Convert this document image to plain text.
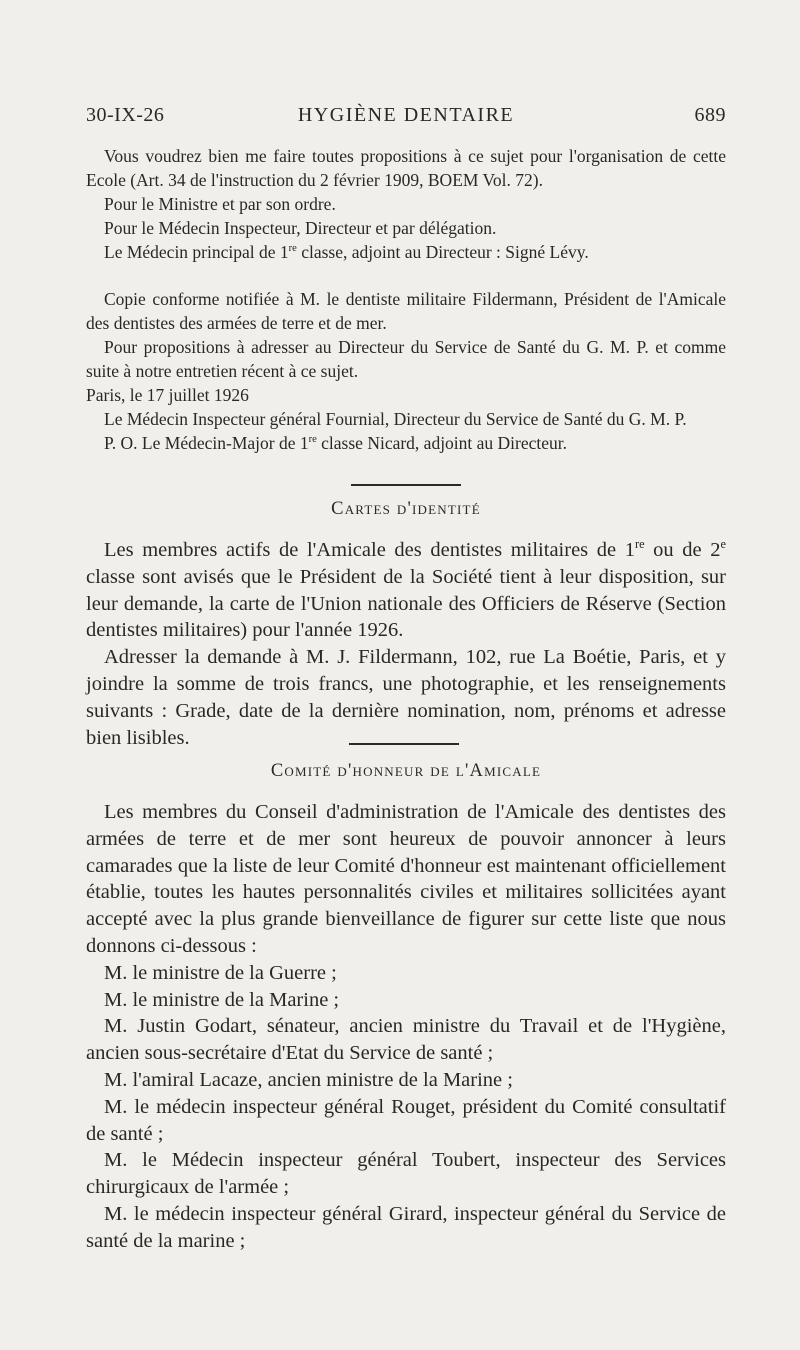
30-IX-26	HYGIÈNE DENTAIRE	689

Vous voudrez bien me faire toutes propositions à ce sujet pour l'organisation de cette Ecole (Art. 34 de l'instruction du 2 février 1909, BOEM Vol. 72).

Pour le Ministre et par son ordre.

Pour le Médecin Inspecteur, Directeur et par délégation.

Le Médecin principal de 1re classe, adjoint au Directeur : Signé Lévy.

Copie conforme notifiée à M. le dentiste militaire Fildermann, Président de l'Amicale des dentistes des armées de terre et de mer.

Pour propositions à adresser au Directeur du Service de Santé du G. M. P. et comme suite à notre entretien récent à ce sujet.

Paris, le 17 juillet 1926

Le Médecin Inspecteur général Fournial, Directeur du Service de Santé du G. M. P.

P. O. Le Médecin-Major de 1re classe Nicard, adjoint au Directeur.

Cartes d'identité

Les membres actifs de l'Amicale des dentistes militaires de 1re ou de 2e classe sont avisés que le Président de la Société tient à leur disposition, sur leur demande, la carte de l'Union nationale des Officiers de Réserve (Section dentistes militaires) pour l'année 1926.

Adresser la demande à M. J. Fildermann, 102, rue La Boétie, Paris, et y joindre la somme de trois francs, une photographie, et les renseignements suivants : Grade, date de la dernière nomination, nom, prénoms et adresse bien lisibles.

Comité d'honneur de l'Amicale

Les membres du Conseil d'administration de l'Amicale des dentistes des armées de terre et de mer sont heureux de pouvoir annoncer à leurs camarades que la liste de leur Comité d'honneur est maintenant officiellement établie, toutes les hautes personnalités civiles et militaires sollicitées ayant accepté avec la plus grande bienveillance de figurer sur cette liste que nous donnons ci-dessous :

M. le ministre de la Guerre ;

M. le ministre de la Marine ;

M. Justin Godart, sénateur, ancien ministre du Travail et de l'Hygiène, ancien sous-secrétaire d'Etat du Service de santé ;

M. l'amiral Lacaze, ancien ministre de la Marine ;

M. le médecin inspecteur général Rouget, président du Comité consultatif de santé ;

M. le Médecin inspecteur général Toubert, inspecteur des Services chirurgicaux de l'armée ;

M. le médecin inspecteur général Girard, inspecteur général du Service de santé de la marine ;
